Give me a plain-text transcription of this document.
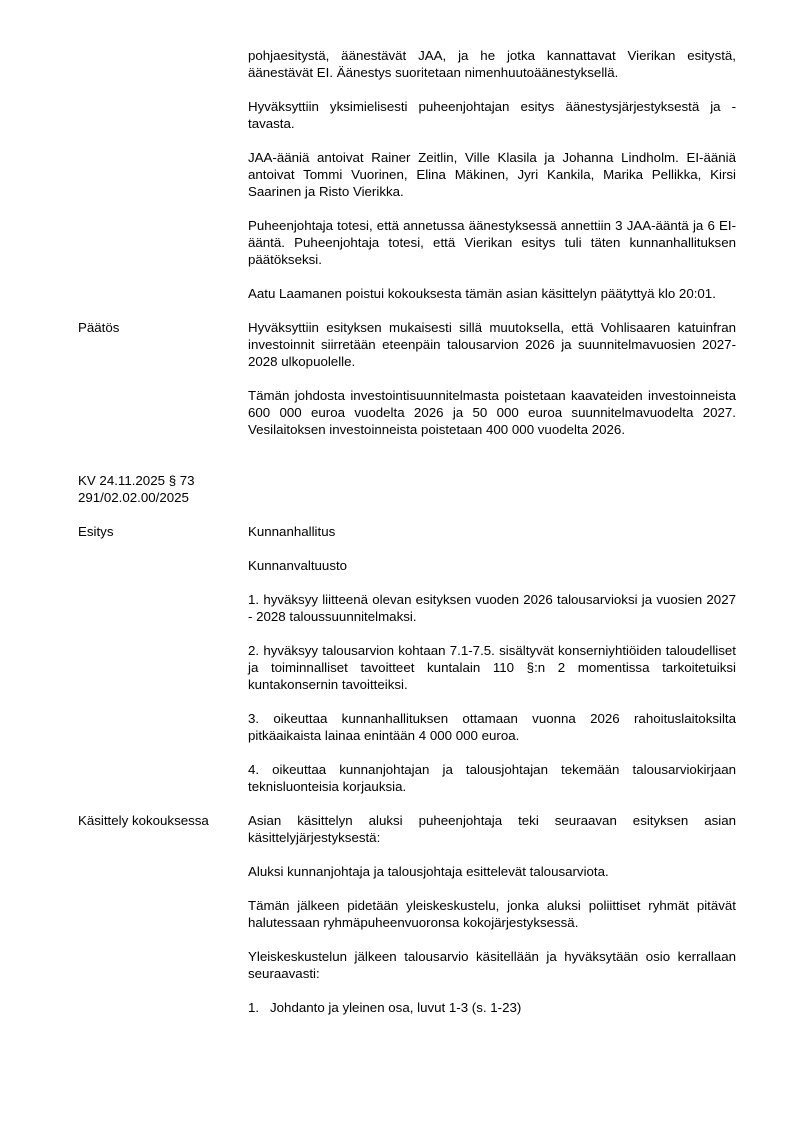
pohjaesitystä, äänestävät JAA, ja he jotka kannattavat Vierikan esitystä, äänestävät EI. Äänestys suoritetaan nimenhuutoäänestyksellä.

Hyväksyttiin yksimielisesti puheenjohtajan esitys äänestysjärjestyksestä ja -tavasta.

JAA-ääniä antoivat Rainer Zeitlin, Ville Klasila ja Johanna Lindholm. EI-ääniä antoivat Tommi Vuorinen, Elina Mäkinen, Jyri Kankila, Marika Pellikka, Kirsi Saarinen ja Risto Vierikka.

Puheenjohtaja totesi, että annetussa äänestyksessä annettiin 3 JAA-ääntä ja 6 EI-ääntä. Puheenjohtaja totesi, että Vierikan esitys tuli täten kunnanhallituksen päätökseksi.

Aatu Laamanen poistui kokouksesta tämän asian käsittelyn päätyttyä klo 20:01.

Päätös	Hyväksyttiin esityksen mukaisesti sillä muutoksella, että Vohlisaaren katuinfran investoinnit siirretään eteenpäin talousarvion 2026 ja suunnitelmavuosien 2027-2028 ulkopuolelle.

Tämän johdosta investointisuunnitelmasta poistetaan kaavateiden investoinneista 600 000 euroa vuodelta 2026 ja 50 000 euroa suunnitelmavuodelta 2027. Vesilaitoksen investoinneista poistetaan 400 000 vuodelta 2026.

KV 24.11.2025 § 73
291/02.02.00/2025
Esitys	Kunnanhallitus

Kunnanvaltuusto

1. hyväksyy liitteenä olevan esityksen vuoden 2026 talousarvioksi ja vuosien 2027 - 2028 taloussuunnitelmaksi.

2. hyväksyy talousarvion kohtaan 7.1-7.5. sisältyvät konserniyhtiöiden taloudelliset ja toiminnalliset tavoitteet kuntalain 110 §:n 2 momentissa tarkoitetuiksi kuntakonsernin tavoitteiksi.

3. oikeuttaa kunnanhallituksen ottamaan vuonna 2026 rahoituslaitoksilta pitkäaikaista lainaa enintään 4 000 000 euroa.

4. oikeuttaa kunnanjohtajan ja talousjohtajan tekemään talousarviokirjaan teknisluonteisia korjauksia.

Käsittely kokouksessa	Asian käsittelyn aluksi puheenjohtaja teki seuraavan esityksen asian käsittelyjärjestyksestä:

Aluksi kunnanjohtaja ja talousjohtaja esittelevät talousarviota.

Tämän jälkeen pidetään yleiskeskustelu, jonka aluksi poliittiset ryhmät pitävät halutessaan ryhmäpuheenvuoronsa kokojärjestyksessä.

Yleiskeskustelun jälkeen talousarvio käsitellään ja hyväksytään osio kerrallaan seuraavasti:

1. Johdanto ja yleinen osa, luvut 1-3 (s. 1-23)
